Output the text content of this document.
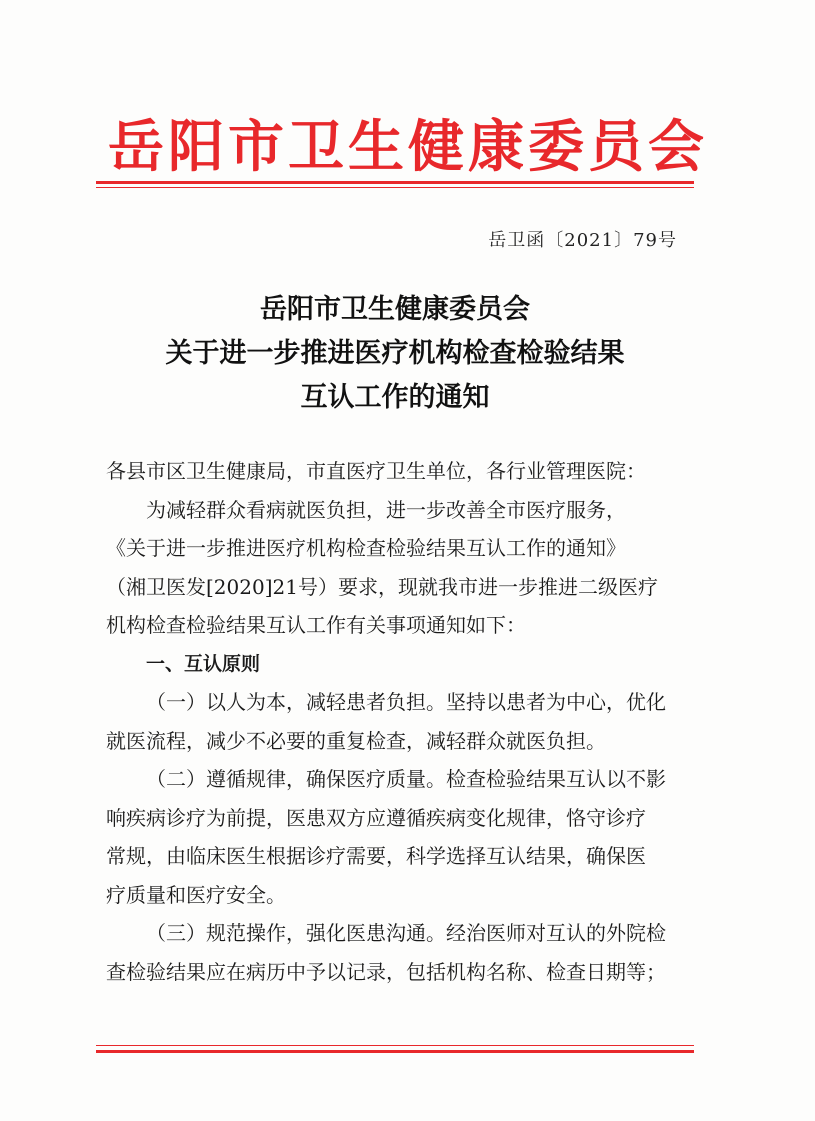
岳阳市卫生健康委员会
岳卫函〔2021〕79号
岳阳市卫生健康委员会
关于进一步推进医疗机构检查检验结果
互认工作的通知

各县市区卫生健康局，市直医疗卫生单位，各行业管理医院：

为减轻群众看病就医负担，进一步改善全市医疗服务，

《关于进一步推进医疗机构检查检验结果互认工作的通知》

（湘卫医发[2020]21号）要求，现就我市进一步推进二级医疗

机构检查检验结果互认工作有关事项通知如下：

一、互认原则

（一）以人为本，减轻患者负担。坚持以患者为中心，优化

就医流程，减少不必要的重复检查，减轻群众就医负担。

（二）遵循规律，确保医疗质量。检查检验结果互认以不影

响疾病诊疗为前提，医患双方应遵循疾病变化规律，恪守诊疗

常规，由临床医生根据诊疗需要，科学选择互认结果，确保医

疗质量和医疗安全。

（三）规范操作，强化医患沟通。经治医师对互认的外院检

查检验结果应在病历中予以记录，包括机构名称、检查日期等；
